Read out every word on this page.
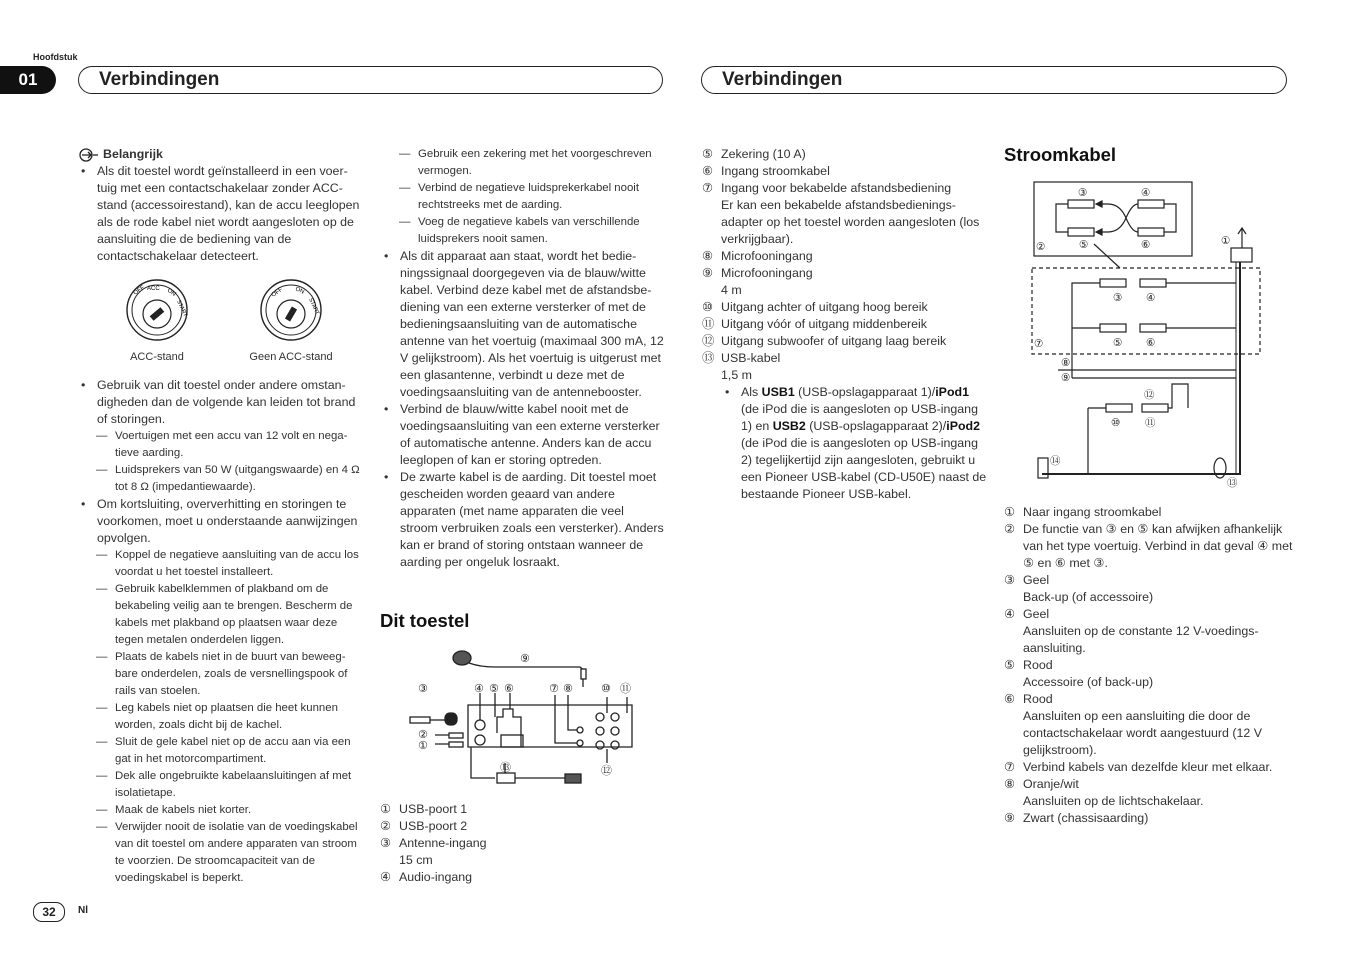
Hoofdstuk
01	Verbindingen	Verbindingen
Belangrijk

• Als dit toestel wordt geïnstalleerd in een voertuig met een contactschakelaar zonder ACC-stand (accessoirestand), kan de accu leeglopen als de rode kabel niet wordt aangesloten op de aansluiting die de bediening van de contactschakelaar detecteert.

OFF ACC ON
START
OFF ON
START
ACC-stand	Geen ACC-stand

• Gebruik van dit toestel onder andere omstandigheden dan de volgende kan leiden tot brand of storingen.

— Voertuigen met een accu van 12 volt en negatieve aarding.
— Luidsprekers van 50 W (uitgangswaarde) en 4 Ω tot 8 Ω (impedantiewaarde).

• Om kortsluiting, oververhitting en storingen te voorkomen, moet u onderstaande aanwijzingen opvolgen.

— Koppel de negatieve aansluiting van de accu los voordat u het toestel installeert.
— Gebruik kabelklemmen of plakband om de bekabeling veilig aan te brengen. Bescherm de kabels met plakband op plaatsen waar deze tegen metalen onderdelen liggen.
— Plaats de kabels niet in de buurt van beweegbare onderdelen, zoals de versnellingspook of rails van stoelen.
— Leg kabels niet op plaatsen die heet kunnen worden, zoals dicht bij de kachel.
— Sluit de gele kabel niet op de accu aan via een gat in het motorcompartiment.
— Dek alle ongebruikte kabelaansluitingen af met isolatietape.
— Maak de kabels niet korter.
— Verwijder nooit de isolatie van de voedingskabel van dit toestel om andere apparaten van stroom te voorzien. De stroomcapaciteit van de voedingskabel is beperkt.
— Gebruik een zekering met het voorgeschreven vermogen.
— Verbind de negatieve luidsprekerkabel nooit rechtstreeks met de aarding.
— Voeg de negatieve kabels van verschillende luidsprekers nooit samen.

• Als dit apparaat aan staat, wordt het bedieningssignaal doorgegeven via de blauw/witte kabel. Verbind deze kabel met de afstandsbediening van een externe versterker of met de bedieningsaansluiting van de automatische antenne van het voertuig (maximaal 300 mA, 12 V gelijkstroom). Als het voertuig is uitgerust met een glasantenne, verbindt u deze met de voedingsaansluiting van de antennebooster.

• Verbind de blauw/witte kabel nooit met de voedingsaansluiting van een externe versterker of automatische antenne. Anders kan de accu leeglopen of kan er storing optreden.

• De zwarte kabel is de aarding. Dit toestel moet gescheiden worden geaard van andere apparaten (met name apparaten die veel stroom verbruiken zoals een versterker). Anders kan er brand of storing ontstaan wanneer de aarding per ongeluk losraakt.

Dit toestel
⑨
③	④ ⑤ ⑥	⑦ ⑧	⑩ ⑪
②
①
⑬	⑫
① USB-poort 1
② USB-poort 2
③ Antenne-ingang
15 cm
④ Audio-ingang
⑤ Zekering (10 A)
⑥ Ingang stroomkabel
⑦ Ingang voor bekabelde afstandsbediening
Er kan een bekabelde afstandsbedieningsadapter op het toestel worden aangesloten (los verkrijgbaar).
⑧ Microfooningang
⑨ Microfooningang
4 m
⑩ Uitgang achter of uitgang hoog bereik
⑪ Uitgang vóór of uitgang middenbereik
⑫ Uitgang subwoofer of uitgang laag bereik
⑬ USB-kabel
1,5 m

• Als USB1 (USB-opslagapparaat 1)/iPod1 (de iPod die is aangesloten op USB-ingang 1) en USB2 (USB-opslagapparaat 2)/iPod2 (de iPod die is aangesloten op USB-ingang 2) tegelijkertijd zijn aangesloten, gebruikt u een Pioneer USB-kabel (CD-U50E) naast de bestaande Pioneer USB-kabel.

Stroomkabel
③	④
②	⑤	⑥	①
③ ④
⑤ ⑥
⑦
⑧
⑨
⑫
⑩ ⑪
⑭
⑬
① Naar ingang stroomkabel
② De functie van ③ en ⑤ kan afwijken afhankelijk van het type voertuig. Verbind in dat geval ④ met ⑤ en ⑥ met ③.
③ Geel
Back-up (of accessoire)
④ Geel
Aansluiten op de constante 12 V-voedingsaansluiting.
⑤ Rood
Accessoire (of back-up)
⑥ Rood
Aansluiten op een aansluiting die door de contactschakelaar wordt aangestuurd (12 V gelijkstroom).
⑦ Verbind kabels van dezelfde kleur met elkaar.
⑧ Oranje/wit
Aansluiten op de lichtschakelaar.
⑨ Zwart (chassisaarding)
32	Nl
